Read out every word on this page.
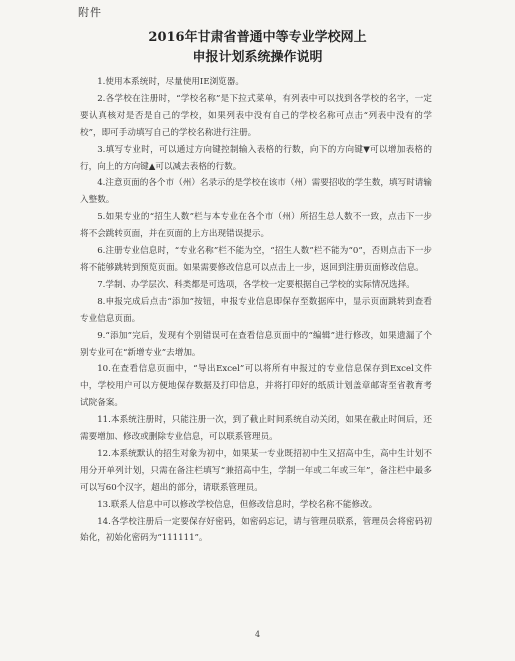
附件
2016年甘肃省普通中等专业学校网上
申报计划系统操作说明

1.使用本系统时，尽量使用IE浏览器。

2.各学校在注册时，“学校名称”是下拉式菜单，有列表中可以找到各学校的名字，一定要认真核对是否是自己的学校，如果列表中没有自己的学校名称可点击“列表中没有的学校”，即可手动填写自己的学校名称进行注册。

3.填写专业时，可以通过方向键控制输入表格的行数，向下的方向键▼可以增加表格的行，向上的方向键▲可以减去表格的行数。

4.注意页面的各个市（州）名录示的是学校在该市（州）需要招收的学生数，填写时请输入整数。

5.如果专业的“招生人数”栏与本专业在各个市（州）所招生总人数不一致，点击下一步将不会跳转页面，并在页面的上方出现错误提示。

6.注册专业信息时，“专业名称”栏不能为空，“招生人数”栏不能为“0”，否则点击下一步将不能够跳转到预览页面。如果需要修改信息可以点击上一步，返回到注册页面修改信息。

7.学制、办学层次、科类都是可选项，各学校一定要根据自己学校的实际情况选择。

8.申报完成后点击“添加”按钮，申报专业信息即保存至数据库中，显示页面跳转到查看专业信息页面。

9.“添加”完后，发现有个别错误可在查看信息页面中的“编辑”进行修改，如果遗漏了个别专业可在“新增专业”去增加。

10.在查看信息页面中，“导出Excel”可以将所有申报过的专业信息保存到Excel文件中，学校用户可以方便地保存数据及打印信息，并将打印好的纸质计划盖章邮寄至省教育考试院备案。

11.本系统注册时，只能注册一次，到了截止时间系统自动关闭，如果在截止时间后，还需要增加、修改或删除专业信息，可以联系管理员。

12.本系统默认的招生对象为初中，如果某一专业既招初中生又招高中生，高中生计划不用分开单列计划，只需在备注栏填写“兼招高中生，学制一年或二年或三年”，备注栏中最多可以写60个汉字，超出的部分，请联系管理员。

13.联系人信息中可以修改学校信息，但修改信息时，学校名称不能修改。

14.各学校注册后一定要保存好密码，如密码忘记，请与管理员联系，管理员会将密码初始化，初始化密码为“111111”。

4
